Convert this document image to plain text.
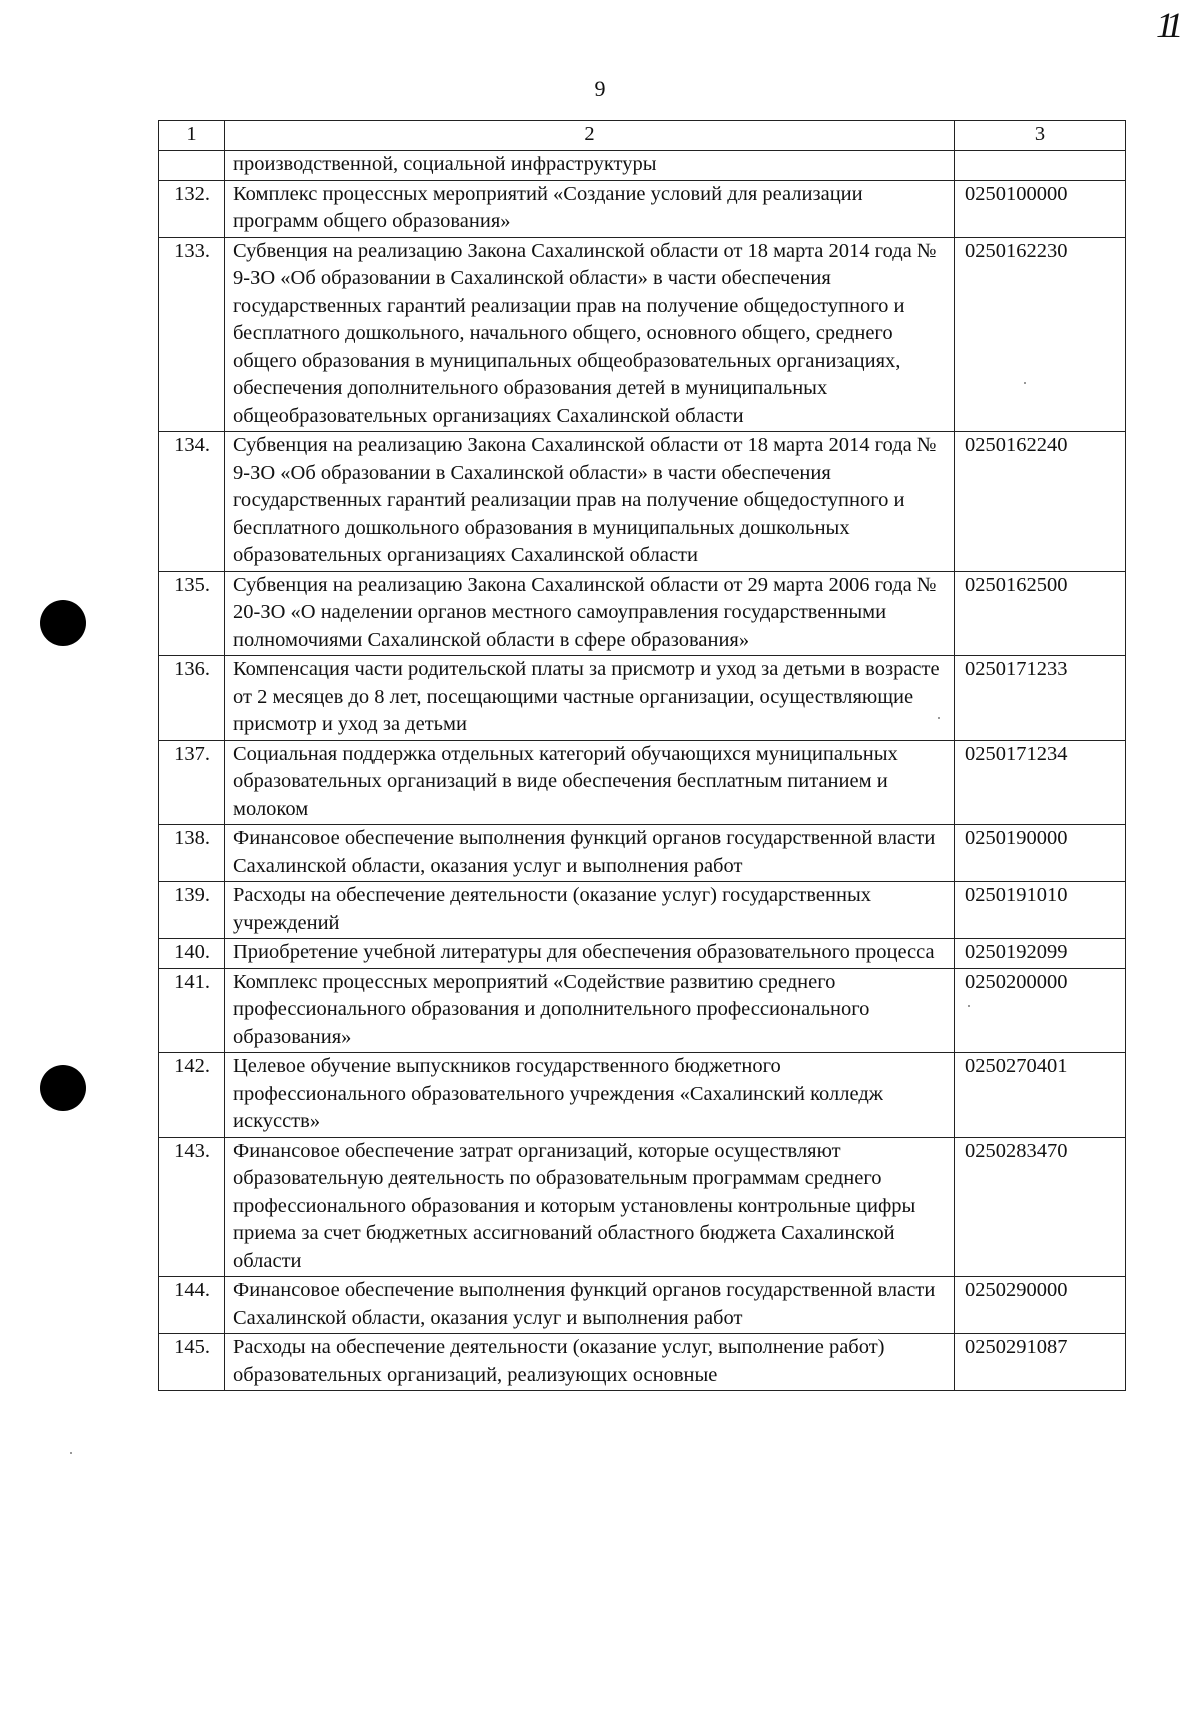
11
9
1	2	3
	производственной, социальной инфраструктуры	
132.	Комплекс процессных мероприятий «Создание условий для реализации программ общего образования»	0250100000
133.	Субвенция на реализацию Закона Сахалинской области от 18 марта 2014 года № 9-ЗО «Об образовании в Сахалинской области» в части обеспечения государственных гарантий реализации прав на получение общедоступного и бесплатного дошкольного, начального общего, основного общего, среднего общего образования в муниципальных общеобразовательных организациях, обеспечения дополнительного образования детей в муниципальных общеобразовательных организациях Сахалинской области	0250162230
134.	Субвенция на реализацию Закона Сахалинской области от 18 марта 2014 года № 9-ЗО «Об образовании в Сахалинской области» в части обеспечения государственных гарантий реализации прав на получение общедоступного и бесплатного дошкольного образования в муниципальных дошкольных образовательных организациях Сахалинской области	0250162240
135.	Субвенция на реализацию Закона Сахалинской области от 29 марта 2006 года № 20-ЗО «О наделении органов местного самоуправления государственными полномочиями Сахалинской области в сфере образования»	0250162500
136.	Компенсация части родительской платы за присмотр и уход за детьми в возрасте от 2 месяцев до 8 лет, посещающими частные организации, осуществляющие присмотр и уход за детьми	0250171233
137.	Социальная поддержка отдельных категорий обучающихся муниципальных образовательных организаций в виде обеспечения бесплатным питанием и молоком	0250171234
138.	Финансовое обеспечение выполнения функций органов государственной власти Сахалинской области, оказания услуг и выполнения работ	0250190000
139.	Расходы на обеспечение деятельности (оказание услуг) государственных учреждений	0250191010
140.	Приобретение учебной литературы для обеспечения образовательного процесса	0250192099
141.	Комплекс процессных мероприятий «Содействие развитию среднего профессионального образования и дополнительного профессионального образования»	0250200000
142.	Целевое обучение выпускников государственного бюджетного профессионального образовательного учреждения «Сахалинский колледж искусств»	0250270401
143.	Финансовое обеспечение затрат организаций, которые осуществляют образовательную деятельность по образовательным программам среднего профессионального образования и которым установлены контрольные цифры приема за счет бюджетных ассигнований областного бюджета Сахалинской области	0250283470
144.	Финансовое обеспечение выполнения функций органов государственной власти Сахалинской области, оказания услуг и выполнения работ	0250290000
145.	Расходы на обеспечение деятельности (оказание услуг, выполнение работ) образовательных организаций, реализующих основные	0250291087
